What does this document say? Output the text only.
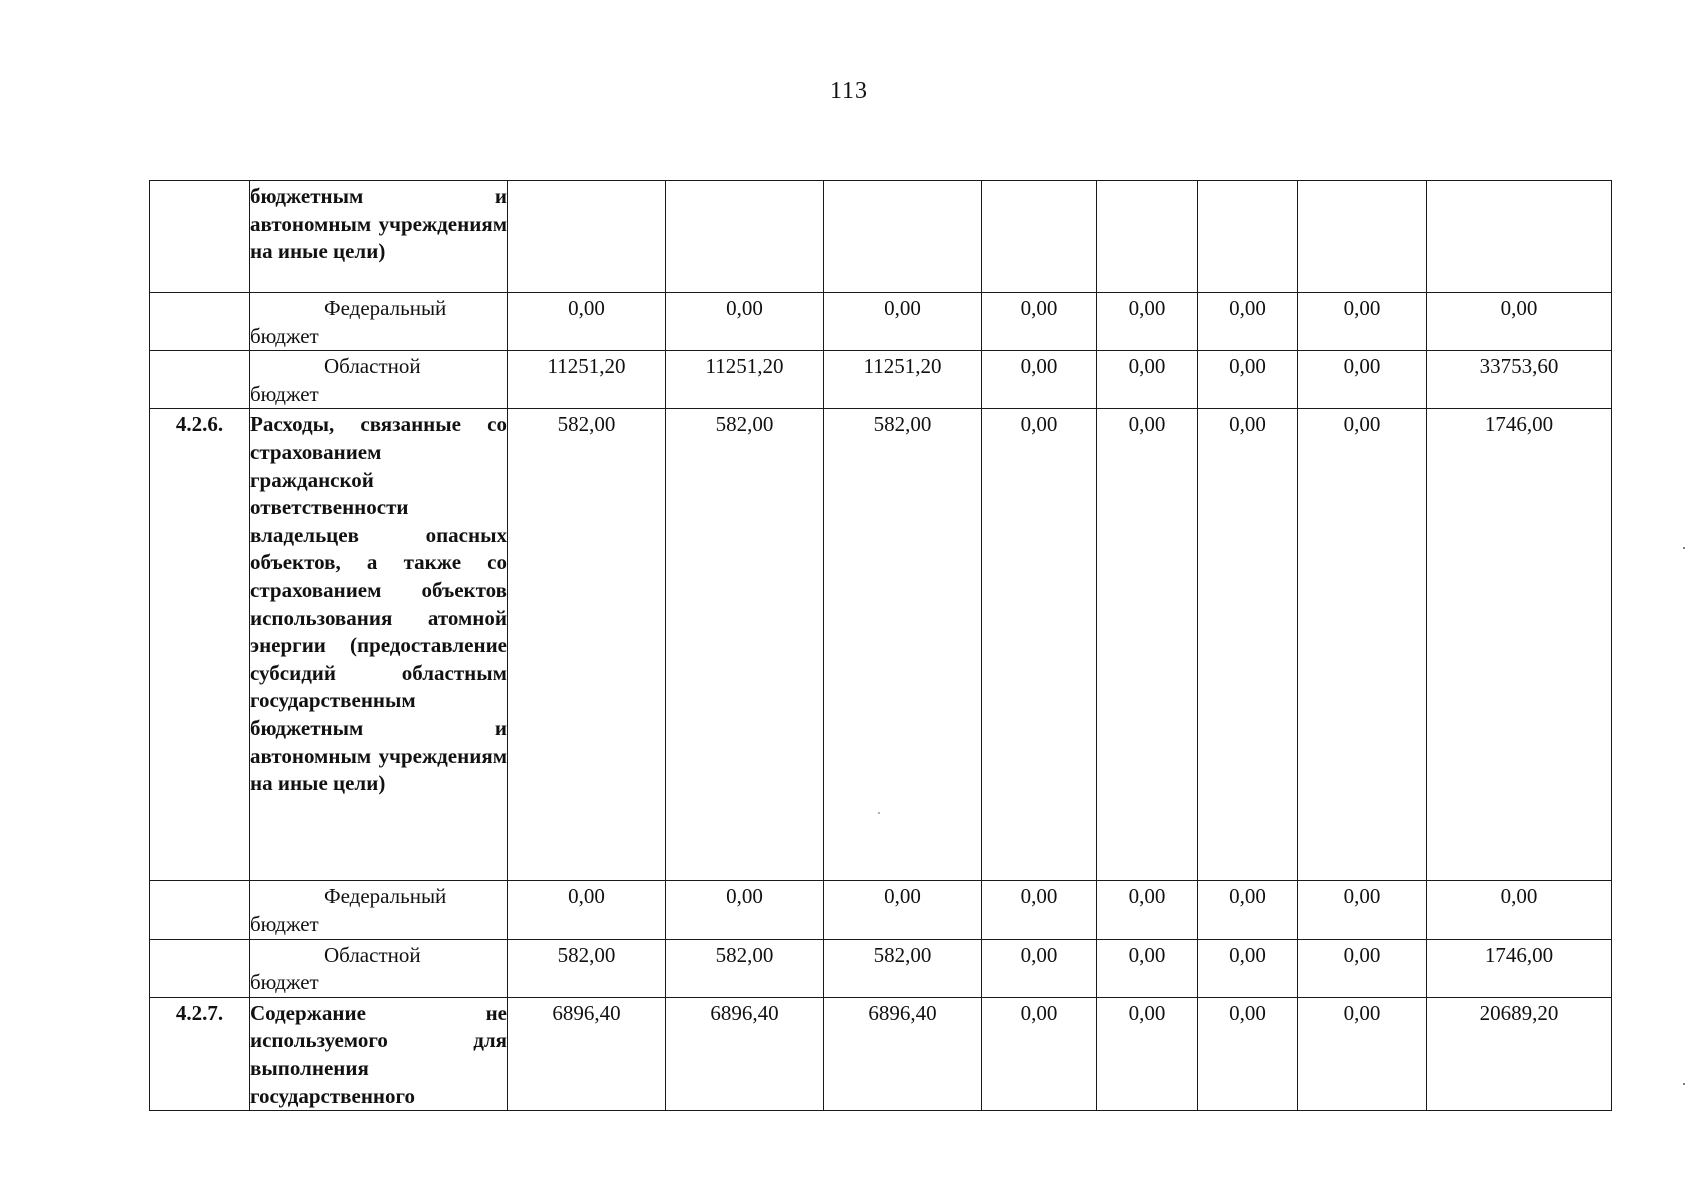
113
	бюджетным и автономным учреждениям на иные цели)								

	Федеральный
бюджет	0,00	0,00	0,00	0,00	0,00	0,00	0,00	0,00

	Областной
бюджет	11251,20	11251,20	11251,20	0,00	0,00	0,00	0,00	33753,60
4.2.6.	Расходы, связанные со страхованием гражданской ответственности владельцев опасных объектов, а также со страхованием объектов использования атомной энергии (предоставление субсидий областным государственным бюджетным и автономным учреждениям на иные цели)	582,00	582,00	582,00	0,00	0,00	0,00	0,00	1746,00

	Федеральный
бюджет	0,00	0,00	0,00	0,00	0,00	0,00	0,00	0,00

	Областной
бюджет	582,00	582,00	582,00	0,00	0,00	0,00	0,00	1746,00
4.2.7.	Содержание не используемого для выполнения государственного	6896,40	6896,40	6896,40	0,00	0,00	0,00	0,00	20689,20
